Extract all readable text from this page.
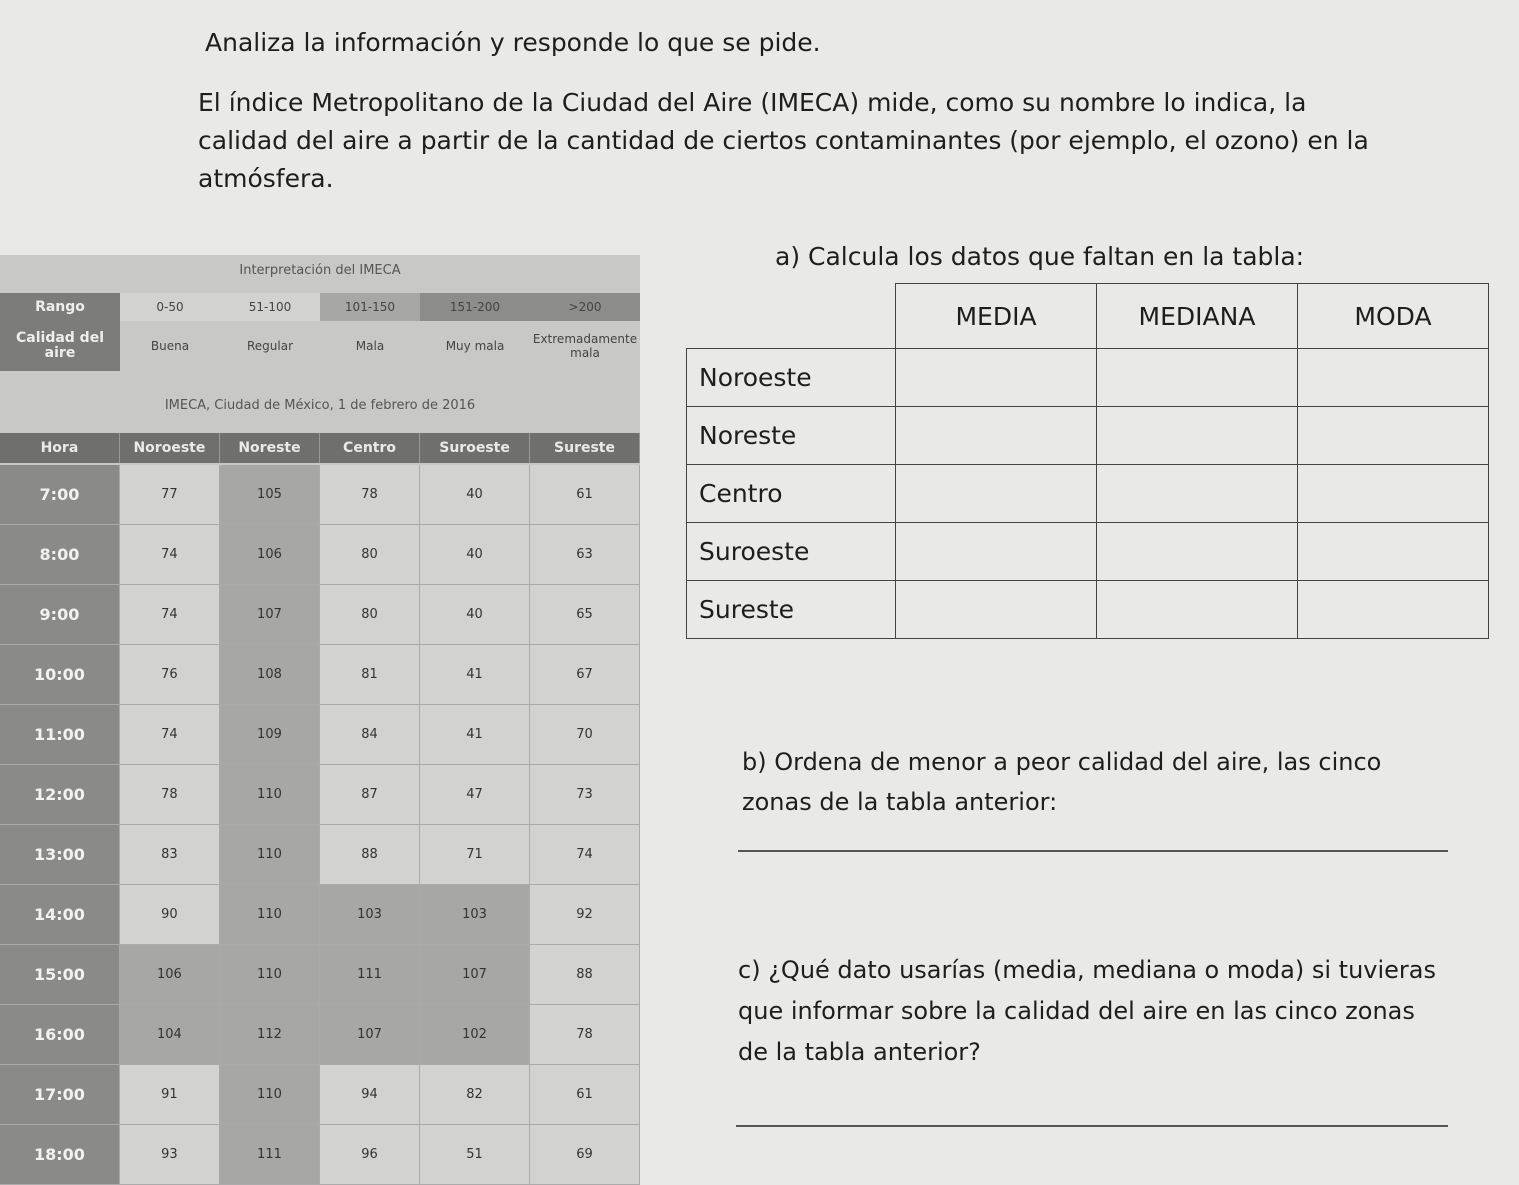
Analiza la información y responde lo que se pide.
El índice Metropolitano de la Ciudad del Aire (IMECA) mide, como su nombre lo indica, la calidad del aire a partir de la cantidad de ciertos contaminantes (por ejemplo, el ozono) en la atmósfera.
Interpretación del IMECA
Rango	0-50	51-100	101-150	151-200	>200
Calidad del aire	Buena	Regular	Mala	Muy mala	Extremadamente mala
IMECA, Ciudad de México, 1 de febrero de 2016
Hora	Noroeste	Noreste	Centro	Suroeste	Sureste
7:00	77	105	78	40	61
8:00	74	106	80	40	63
9:00	74	107	80	40	65
10:00	76	108	81	41	67
11:00	74	109	84	41	70
12:00	78	110	87	47	73
13:00	83	110	88	71	74
14:00	90	110	103	103	92
15:00	106	110	111	107	88
16:00	104	112	107	102	78
17:00	91	110	94	82	61
18:00	93	111	96	51	69
a) Calcula los datos que faltan en la tabla:
	MEDIA	MEDIANA	MODA
Noroeste			
Noreste			
Centro			
Suroeste			
Sureste			
b) Ordena de menor a peor calidad del aire, las cinco zonas de la tabla anterior:
c) ¿Qué dato usarías (media, mediana o moda) si tuvieras que informar sobre la calidad del aire en las cinco zonas de la tabla anterior?
